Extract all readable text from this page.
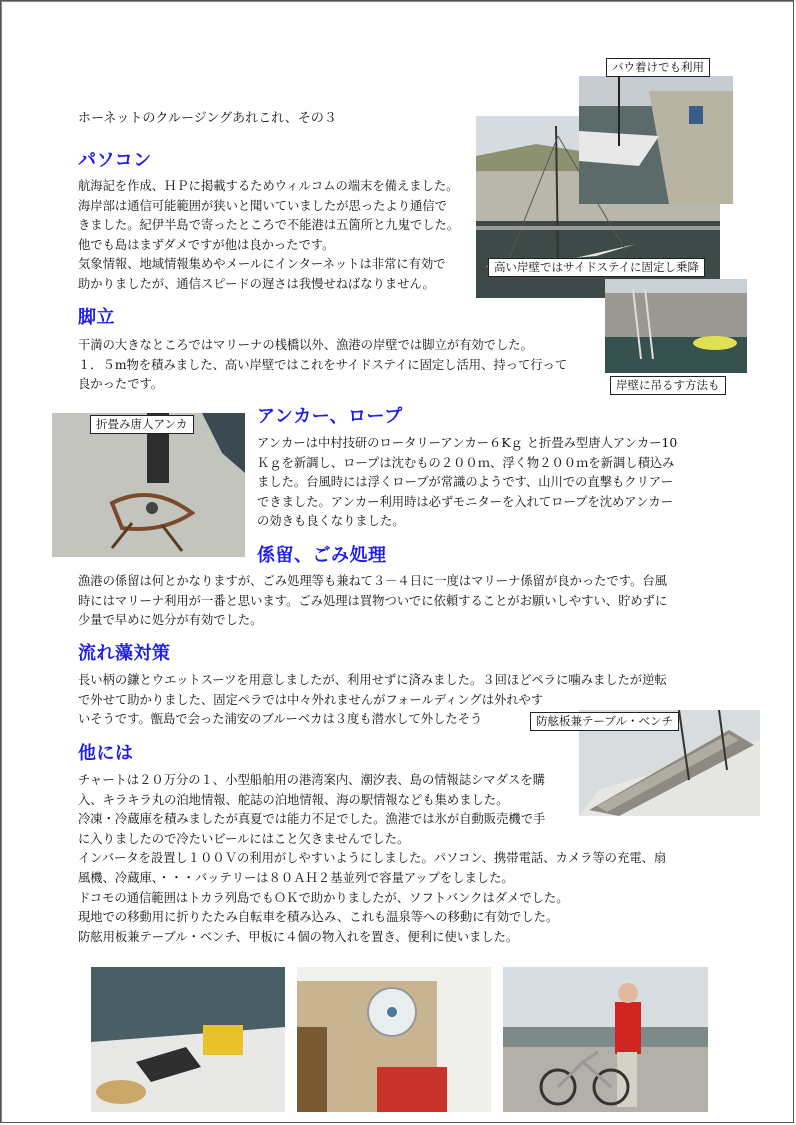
ホーネットのクルージングあれこれ、その３
パソコン
航海記を作成、ＨＰに掲載するためウィルコムの端末を備えました。
海岸部は通信可能範囲が狭いと聞いていましたが思ったより通信で
きました。紀伊半島で寄ったところで不能港は五箇所と九鬼でした。
他でも島はまずダメですが他は良かったです。
気象情報、地域情報集めやメールにインターネットは非常に有効で
助かりましたが、通信スピードの遅さは我慢せねばなりません。
脚立
干満の大きなところではマリーナの桟橋以外、漁港の岸壁では脚立が有効でした。
１．５m物を積みました、高い岸壁ではこれをサイドステイに固定し活用、持って行って
良かったです。
アンカー、ロープ
アンカーは中村技研のロータリーアンカー６Kｇ と折畳み型唐人アンカー10
Ｋｇを新調し、ロープは沈むもの２００ｍ、浮く物２００ｍを新調し積込み
ました。台風時には浮くロープが常識のようです、山川での直撃もクリアー
できました。アンカー利用時は必ずモニターを入れてロープを沈めアンカー
の効きも良くなりました。
係留、ごみ処理
漁港の係留は何とかなりますが、ごみ処理等も兼ねて３－４日に一度はマリーナ係留が良かったです。台風
時にはマリーナ利用が一番と思います。ごみ処理は買物ついでに依頼することがお願いしやすい、貯めずに
少量で早めに処分が有効でした。
流れ藻対策
長い柄の鎌とウエットスーツを用意しましたが、利用せずに済みました。３回ほどペラに噛みましたが逆転
で外せて助かりました、固定ペラでは中々外れませんがフォールディングは外れやす
いそうです。甑島で会った浦安のブルーベカは３度も潜水して外したそう
他には
チャートは２０万分の１、小型船舶用の港湾案内、潮汐表、島の情報誌シマダスを購
入、キラキラ丸の泊地情報、舵誌の泊地情報、海の駅情報なども集めました。
冷凍・冷蔵庫を積みましたが真夏では能力不足でした。漁港では氷が自動販売機で手
に入りましたので冷たいビールにはこと欠きませんでした。
インバータを設置し１００Ｖの利用がしやすいようにしました。パソコン、携帯電話、カメラ等の充電、扇
風機、冷蔵庫、・・・バッテリーは８０ＡＨ２基並列で容量アップをしました。
ドコモの通信範囲はトカラ列島でもＯＫで助かりましたが、ソフトバンクはダメでした。
現地での移動用に折りたたみ自転車を積み込み、これも温泉等への移動に有効でした。
防舷用板兼テーブル・ベンチ、甲板に４個の物入れを置き、便利に使いました。
バウ着けでも利用
高い岸壁ではサイドステイに固定し乗降
岸壁に吊るす方法も
折畳み唐人アンカ
防舷板兼テーブル・ベンチ
